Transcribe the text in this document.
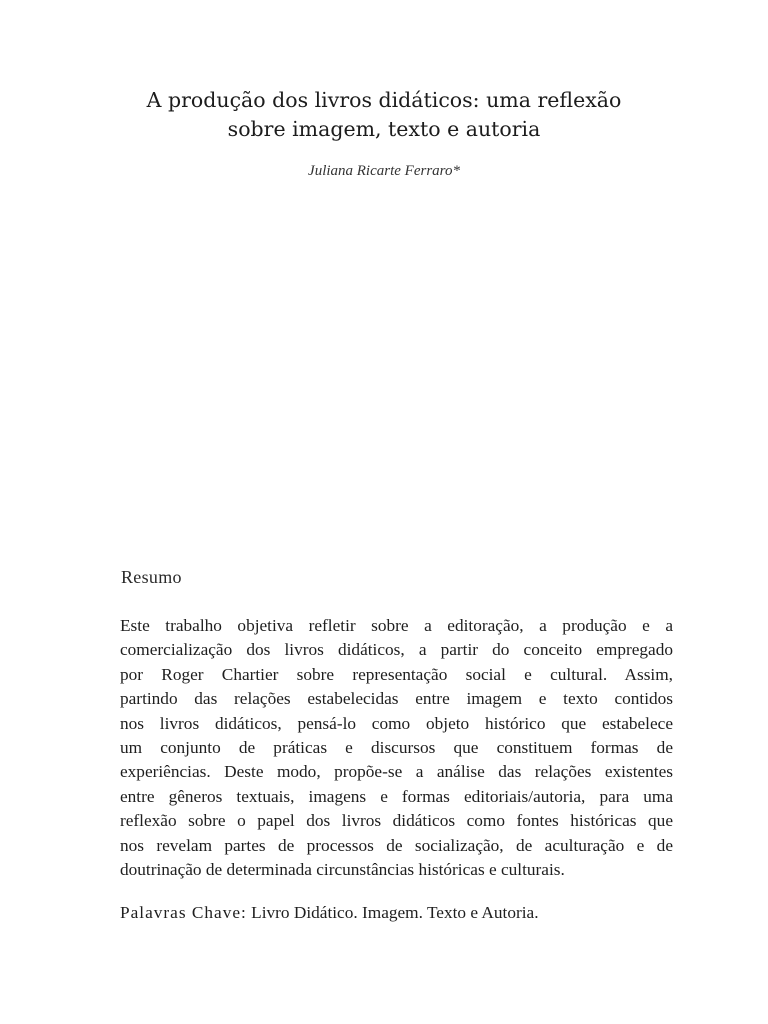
A produção dos livros didáticos: uma reflexão
sobre imagem, texto e autoria
Juliana Ricarte Ferraro*
Resumo
Este trabalho objetiva refletir sobre a editoração, a produção e a
comercialização dos livros didáticos, a partir do conceito empregado
por Roger Chartier sobre representação social e cultural. Assim,
partindo das relações estabelecidas entre imagem e texto contidos
nos livros didáticos, pensá-lo como objeto histórico que estabelece
um conjunto de práticas e discursos que constituem formas de
experiências. Deste modo, propõe-se a análise das relações existentes
entre gêneros textuais, imagens e formas editoriais/autoria, para uma
reflexão sobre o papel dos livros didáticos como fontes históricas que
nos revelam partes de processos de socialização, de aculturação e de
doutrinação de determinada circunstâncias históricas e culturais.
Palavras Chave: Livro Didático. Imagem. Texto e Autoria.
